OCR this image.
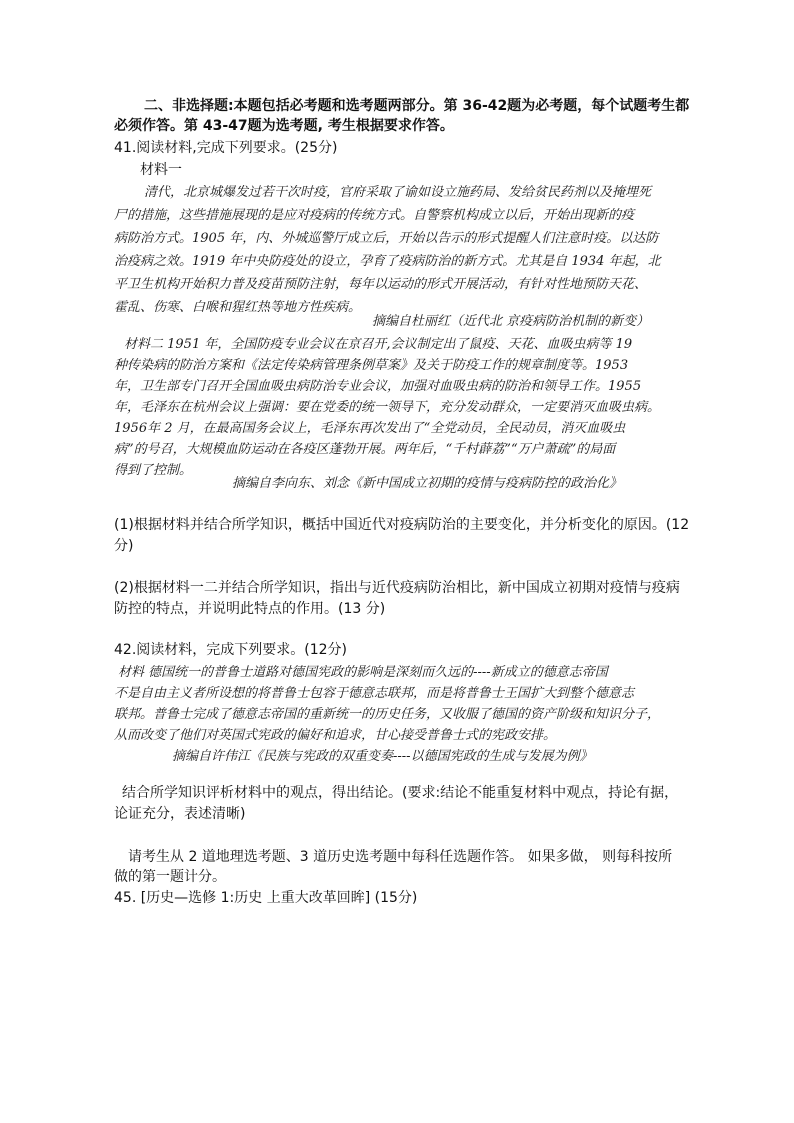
二、非选择题:本题包括必考题和选考题两部分。第 36-42题为必考题，每个试题考生都
必须作答。第 43-47题为选考题, 考生根据要求作答。
41.阅读材料,完成下列要求。(25分)
材料一
清代，北京城爆发过若干次时疫，官府采取了谕如设立施药局、发给贫民药剂以及掩埋死
尸的措施，这些措施展现的是应对疫病的传统方式。自警察机构成立以后，开始出现新的疫
病防治方式。1905 年，内、外城巡警厅成立后，开始以告示的形式提醒人们注意时疫。以达防
治疫病之效。1919 年中央防疫处的设立，孕育了疫病防治的新方式。尤其是自 1934 年起，北
平卫生机构开始积力普及疫苗预防注射，每年以运动的形式开展活动，有针对性地预防天花、
霍乱、伤寒、白喉和猩红热等地方性疾病。
摘编自杜丽红（近代北 京疫病防治机制的新变）
材料二 1951 年，全国防疫专业会议在京召开,会议制定出了鼠疫、天花、血吸虫病等 19
种传染病的防治方案和《法定传染病管理条例草案》及关于防疫工作的规章制度等。1953
年，卫生部专门召开全国血吸虫病防治专业会议，加强对血吸虫病的防治和领导工作。1955
年，毛泽东在杭州会议上强调：要在党委的统一领导下，充分发动群众，一定要消灭血吸虫病。
1956年 2 月，在最高国务会议上，毛泽东再次发出了“全党动员，全民动员，消灭血吸虫
病”的号召，大规模血防运动在各疫区蓬勃开展。两年后，“千村薜荔”“万户萧疏”的局面
得到了控制。
摘编自李向东、刘念《新中国成立初期的疫情与疫病防控的政治化》
(1)根据材料并结合所学知识，概括中国近代对疫病防治的主要变化，并分析变化的原因。(12
分)
(2)根据材料一二并结合所学知识，指出与近代疫病防治相比，新中国成立初期对疫情与疫病
防控的特点，并说明此特点的作用。(13 分)
42.阅读材料，完成下列要求。(12分)
材料 德国统一的普鲁士道路对德国宪政的影响是深刻而久远的----新成立的德意志帝国
不是自由主义者所设想的将普鲁士包容于德意志联邦，而是将普鲁士王国扩大到整个德意志
联邦。普鲁士完成了德意志帝国的重新统一的历史任务，又收服了德国的资产阶级和知识分子，
从而改变了他们对英国式宪政的偏好和追求，甘心接受普鲁士式的宪政安排。
摘编自许伟江《民族与宪政的双重变奏----以德国宪政的生成与发展为例》
结合所学知识评析材料中的观点，得出结论。(要求:结论不能重复材料中观点，持论有据，
论证充分，表述清晰)
请考生从 2 道地理选考题、3 道历史选考题中每科任选题作答。 如果多做， 则每科按所
做的第一题计分。
45. [历史—选修 1:历史 上重大改革回眸] (15分)
